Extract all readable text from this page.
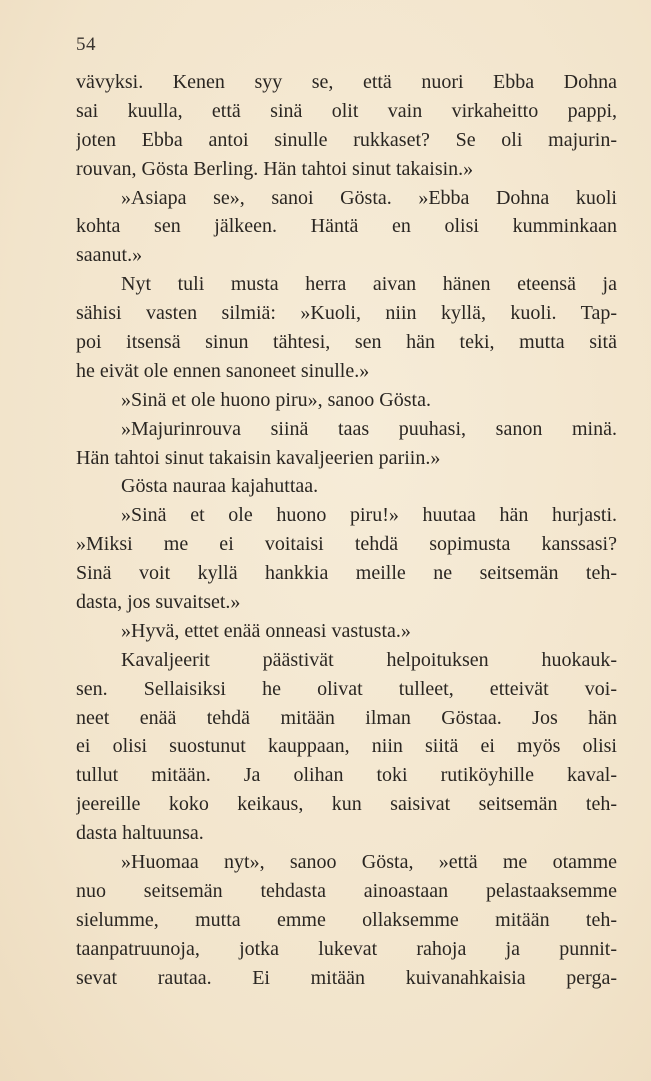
54
vävyksi. Kenen syy se, että nuori Ebba Dohna
sai kuulla, että sinä olit vain virkaheitto pappi,
joten Ebba antoi sinulle rukkaset? Se oli majurin-
rouvan, Gösta Berling. Hän tahtoi sinut takaisin.»
»Asiapa se», sanoi Gösta. »Ebba Dohna kuoli
kohta sen jälkeen. Häntä en olisi kumminkaan
saanut.»
Nyt tuli musta herra aivan hänen eteensä ja
sähisi vasten silmiä: »Kuoli, niin kyllä, kuoli. Tap-
poi itsensä sinun tähtesi, sen hän teki, mutta sitä
he eivät ole ennen sanoneet sinulle.»
»Sinä et ole huono piru», sanoo Gösta.
»Majurinrouva siinä taas puuhasi, sanon minä.
Hän tahtoi sinut takaisin kavaljeerien pariin.»
Gösta nauraa kajahuttaa.
»Sinä et ole huono piru!» huutaa hän hurjasti.
»Miksi me ei voitaisi tehdä sopimusta kanssasi?
Sinä voit kyllä hankkia meille ne seitsemän teh-
dasta, jos suvaitset.»
»Hyvä, ettet enää onneasi vastusta.»
Kavaljeerit päästivät helpoituksen huokauk-
sen. Sellaisiksi he olivat tulleet, etteivät voi-
neet enää tehdä mitään ilman Göstaa. Jos hän
ei olisi suostunut kauppaan, niin siitä ei myös olisi
tullut mitään. Ja olihan toki rutiköyhille kaval-
jeereille koko keikaus, kun saisivat seitsemän teh-
dasta haltuunsa.
»Huomaa nyt», sanoo Gösta, »että me otamme
nuo seitsemän tehdasta ainoastaan pelastaaksemme
sielumme, mutta emme ollaksemme mitään teh-
taanpatruunoja, jotka lukevat rahoja ja punnit-
sevat rautaa. Ei mitään kuivanahkaisia perga-
